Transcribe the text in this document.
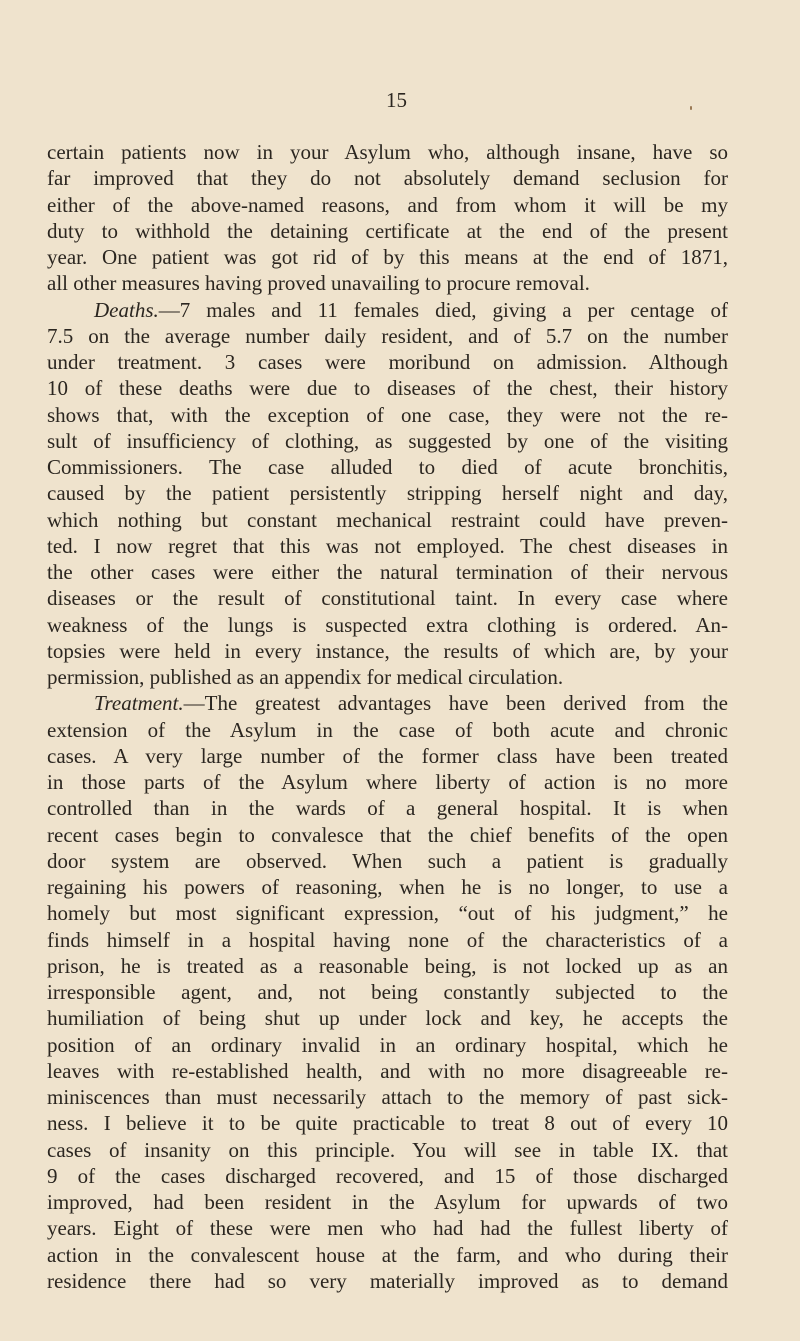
15
certain patients now in your Asylum who, although insane, have so
far improved that they do not absolutely demand seclusion for
either of the above-named reasons, and from whom it will be my
duty to withhold the detaining certificate at the end of the present
year. One patient was got rid of by this means at the end of 1871,
all other measures having proved unavailing to procure removal.
Deaths.—7 males and 11 females died, giving a per centage of
7.5 on the average number daily resident, and of 5.7 on the number
under treatment. 3 cases were moribund on admission. Although
10 of these deaths were due to diseases of the chest, their history
shows that, with the exception of one case, they were not the re-
sult of insufficiency of clothing, as suggested by one of the visiting
Commissioners. The case alluded to died of acute bronchitis,
caused by the patient persistently stripping herself night and day,
which nothing but constant mechanical restraint could have preven-
ted. I now regret that this was not employed. The chest diseases in
the other cases were either the natural termination of their nervous
diseases or the result of constitutional taint. In every case where
weakness of the lungs is suspected extra clothing is ordered. An-
topsies were held in every instance, the results of which are, by your
permission, published as an appendix for medical circulation.
Treatment.—The greatest advantages have been derived from the
extension of the Asylum in the case of both acute and chronic
cases. A very large number of the former class have been treated
in those parts of the Asylum where liberty of action is no more
controlled than in the wards of a general hospital. It is when
recent cases begin to convalesce that the chief benefits of the open
door system are observed. When such a patient is gradually
regaining his powers of reasoning, when he is no longer, to use a
homely but most significant expression, “out of his judgment,” he
finds himself in a hospital having none of the characteristics of a
prison, he is treated as a reasonable being, is not locked up as an
irresponsible agent, and, not being constantly subjected to the
humiliation of being shut up under lock and key, he accepts the
position of an ordinary invalid in an ordinary hospital, which he
leaves with re-established health, and with no more disagreeable re-
miniscences than must necessarily attach to the memory of past sick-
ness. I believe it to be quite practicable to treat 8 out of every 10
cases of insanity on this principle. You will see in table IX. that
9 of the cases discharged recovered, and 15 of those discharged
improved, had been resident in the Asylum for upwards of two
years. Eight of these were men who had had the fullest liberty of
action in the convalescent house at the farm, and who during their
residence there had so very materially improved as to demand
